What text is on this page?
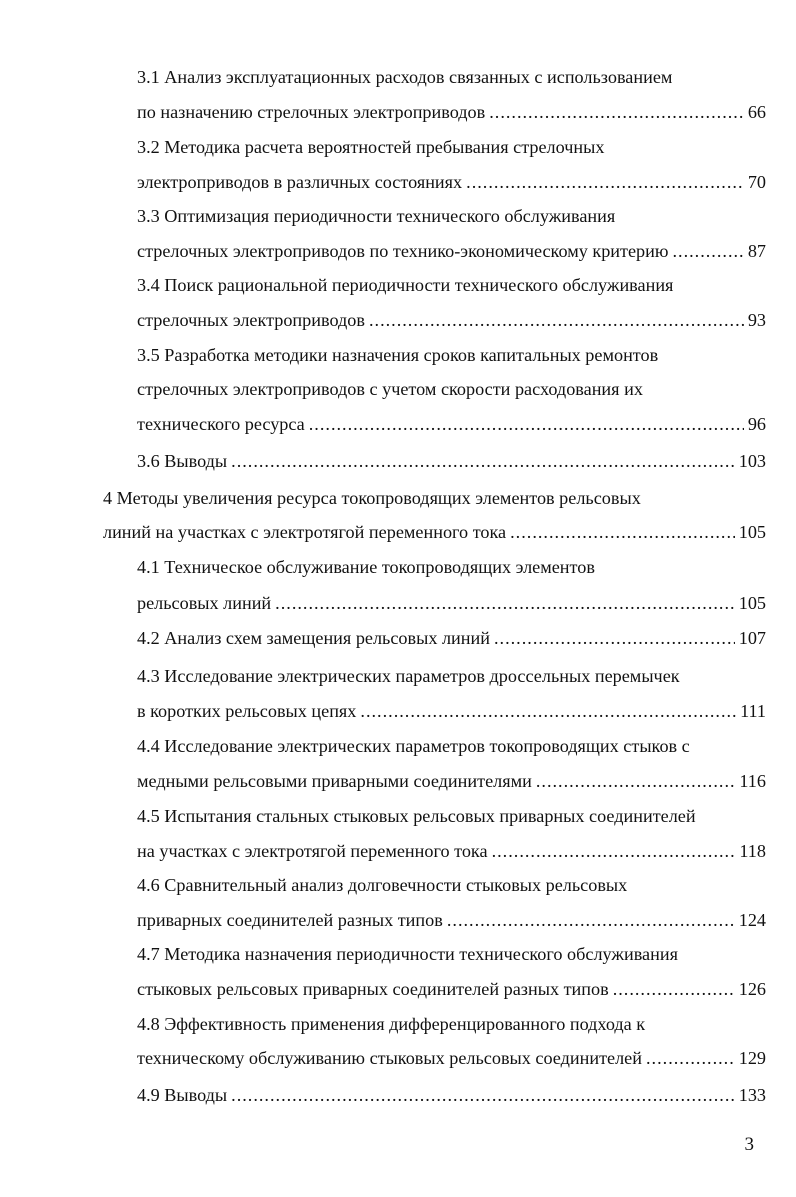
3.1 Анализ эксплуатационных расходов связанных с использованием
по назначению стрелочных электроприводов .....	66
3.2 Методика расчета вероятностей пребывания стрелочных
электроприводов в различных состояниях .....	70
3.3 Оптимизация периодичности технического обслуживания
стрелочных электроприводов по технико-экономическому критерию .....	87
3.4 Поиск рациональной периодичности технического обслуживания
стрелочных электроприводов .....	93
3.5 Разработка методики назначения сроков капитальных ремонтов
стрелочных электроприводов с учетом скорости расходования их
технического ресурса .....	96
3.6 Выводы .....	103
4 Методы увеличения ресурса токопроводящих элементов рельсовых
линий на участках с электротягой переменного тока .....	105
4.1 Техническое обслуживание токопроводящих элементов
рельсовых линий .....	105
4.2 Анализ схем замещения рельсовых линий .....	107
4.3 Исследование электрических параметров дроссельных перемычек
в коротких рельсовых цепях .....	111
4.4 Исследование электрических параметров токопроводящих стыков с
медными рельсовыми приварными соединителями .....	116
4.5 Испытания стальных стыковых рельсовых приварных соединителей
на участках с электротягой переменного тока .....	118
4.6 Сравнительный анализ долговечности стыковых рельсовых
приварных соединителей разных типов .....	124
4.7 Методика назначения периодичности технического обслуживания
стыковых рельсовых приварных соединителей разных типов .....	126
4.8 Эффективность применения дифференцированного подхода к
техническому обслуживанию стыковых рельсовых соединителей .....	129
4.9 Выводы .....	133
3
